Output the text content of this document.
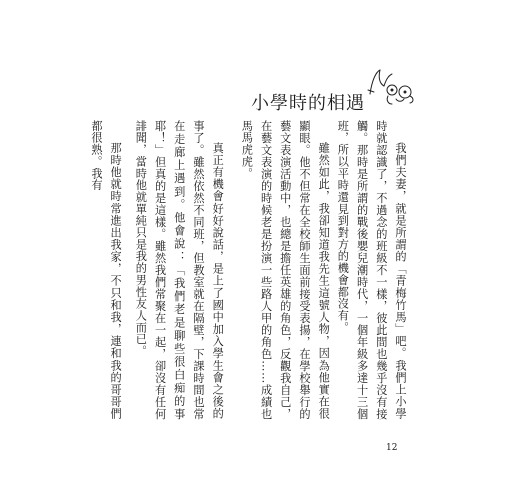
小學時的相遇

我們夫妻，就是所謂的「青梅竹馬」吧。我們上小學時就認識了，不過念的班級不一樣，彼此間也幾乎沒有接觸。那時是所謂的戰後嬰兒潮時代，一個年級多達十三個班，所以平時還見到對方的機會都沒有。

雖然如此，我卻知道我先生這號人物，因為他實在很顯眼。他不但常在全校師生面前接受表揚，在學校舉行的藝文表演活動中，也總是擔任英雄的角色，反觀我自己，在藝文表演的時候老是扮演一些路人甲的角色……成績也馬馬虎虎。

真正有機會好好說話，是上了國中加入學生會之後的事了。雖然依然不同班，但教室就在隔壁，下課時間也常在走廊上遇到。他會說：「我們老是聊些很白痴的事耶！」但真的是這樣。雖然我們常聚在一起，卻沒有任何誹聞，當時他就單純只是我的男性友人而已。

那時他就時常進出我家，不只和我，連和我的哥哥們都很熟。我有

12
